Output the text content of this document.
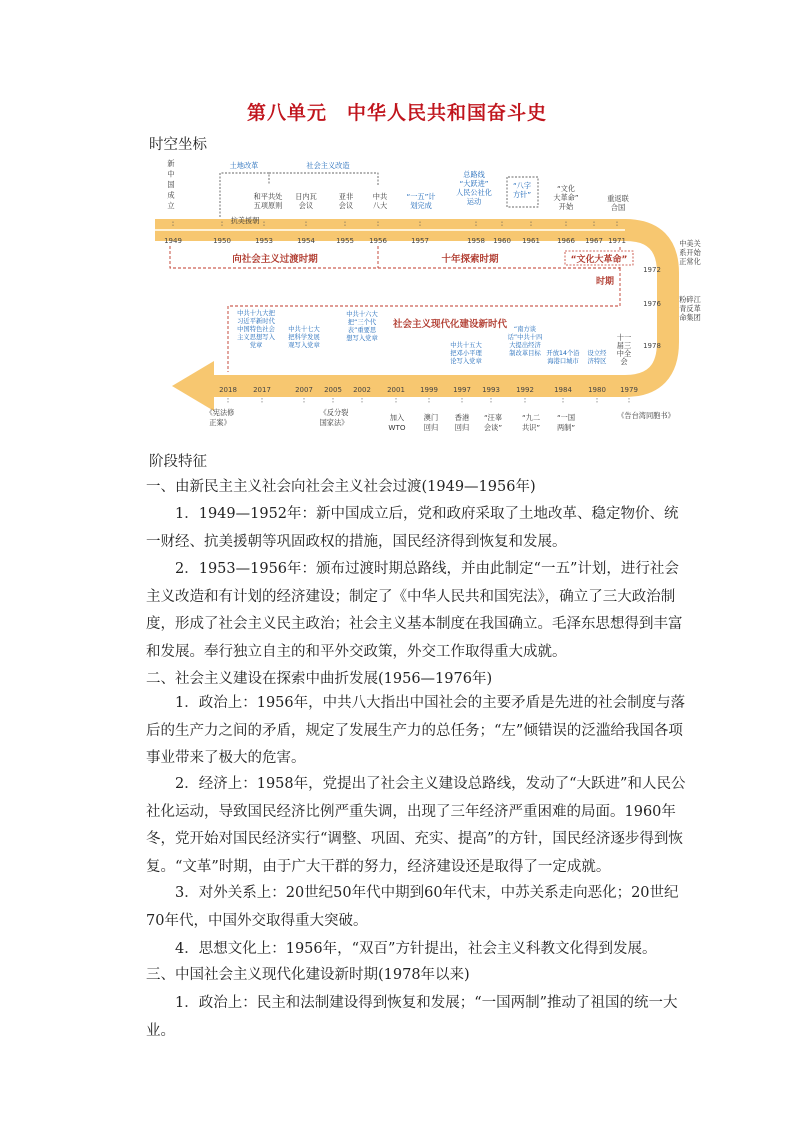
第八单元　中华人民共和国奋斗史
时空坐标
1949	1950	1953	1954	1955 1956	1957	1958 1960 1961 1966 1967 1971
1972
1976
1978
2018 2017	2007 2005 2002 2001 1999 1997 1993 1992	1984 1980 1979
向社会主义过渡时期	十年探索时期	“文化大革命”
时期
社会主义现代化建设新时代
新
中
国
成
立
土地改革	社会主义改造
抗美援朝
和平共处
五项原则
日内瓦
会议
亚非
会议
中共
八大
“一五”计
划完成
总路线
“大跃进”
人民公社化
运动
“八字
方针”
“文化
大革命”
开始
重返联
合国
中美关
系开始
正常化
粉碎江
青反革
命集团
十一
届三
中全
会
中共十九大把
习近平新时代
中国特色社会
主义思想写入
党章
中共十七大
把科学发展
观写入党章
中共十六大
把“三个代
表”重要思
想写入党章
中共十五大
把邓小平理
论写入党章
“南方谈
话”中共十四
大提出经济
制改革目标 开放14个沿
海港口城市
设立经
济特区
《宪法修
正案》
《反分裂
国家法》
加入
WTO
澳门
回归
香港
回归
“汪辜
会谈”
“九二
共识”
“一国
两制”
《告台湾同胞书》
阶段特征
一、由新民主主义社会向社会主义社会过渡(1949—1956年)
1．1949—1952年：新中国成立后，党和政府采取了土地改革、稳定物价、统一财经、抗美援朝等巩固政权的措施，国民经济得到恢复和发展。
2．1953—1956年：颁布过渡时期总路线，并由此制定“一五”计划，进行社会主义改造和有计划的经济建设；制定了《中华人民共和国宪法》，确立了三大政治制度，形成了社会主义民主政治；社会主义基本制度在我国确立。毛泽东思想得到丰富和发展。奉行独立自主的和平外交政策，外交工作取得重大成就。
二、社会主义建设在探索中曲折发展(1956—1976年)
1．政治上：1956年，中共八大指出中国社会的主要矛盾是先进的社会制度与落后的生产力之间的矛盾，规定了发展生产力的总任务；“左”倾错误的泛滥给我国各项事业带来了极大的危害。
2．经济上：1958年，党提出了社会主义建设总路线，发动了“大跃进”和人民公社化运动，导致国民经济比例严重失调，出现了三年经济严重困难的局面。1960年冬，党开始对国民经济实行“调整、巩固、充实、提高”的方针，国民经济逐步得到恢复。“文革”时期，由于广大干群的努力，经济建设还是取得了一定成就。
3．对外关系上：20世纪50年代中期到60年代末，中苏关系走向恶化；20世纪70年代，中国外交取得重大突破。
4．思想文化上：1956年，“双百”方针提出，社会主义科教文化得到发展。
三、中国社会主义现代化建设新时期(1978年以来)
1．政治上：民主和法制建设得到恢复和发展；“一国两制”推动了祖国的统一大业。
